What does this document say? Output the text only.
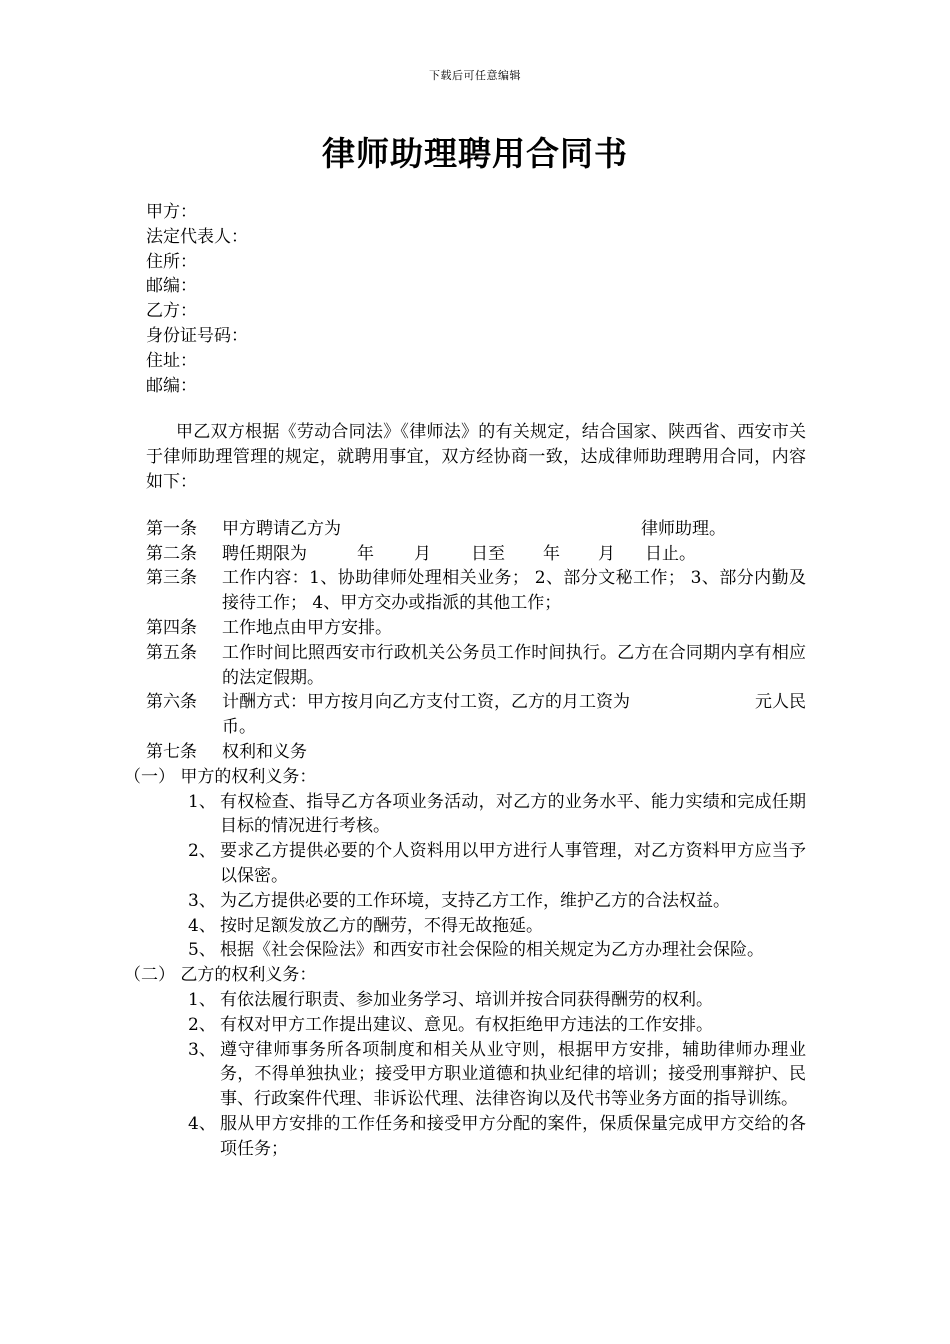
下载后可任意编辑
律师助理聘用合同书

甲方：

法定代表人：

住所：

邮编：

乙方：

身份证号码：

住址：

邮编：

甲乙双方根据《劳动合同法》《律师法》的有关规定，结合国家、陕西省、西安市关于律师助理管理的规定，就聘用事宜，双方经协商一致，达成律师助理聘用合同，内容如下：

第一条	甲方聘请乙方为	律师助理。
第二条	聘任期限为	年 月 日至 年 月 日止。
第三条	工作内容：1、协助律师处理相关业务； 2、部分文秘工作； 3、部分内勤及接待工作； 4、甲方交办或指派的其他工作；
第四条	工作地点由甲方安排。
第五条	工作时间比照西安市行政机关公务员工作时间执行。乙方在合同期内享有相应的法定假期。
第六条	计酬方式：甲方按月向乙方支付工资，乙方的月工资为	元人民
币。
第七条	权利和义务

（一） 甲方的权利义务：

1、 有权检查、指导乙方各项业务活动，对乙方的业务水平、能力实绩和完成任期目标的情况进行考核。
2、 要求乙方提供必要的个人资料用以甲方进行人事管理，对乙方资料甲方应当予以保密。
3、 为乙方提供必要的工作环境，支持乙方工作，维护乙方的合法权益。
4、 按时足额发放乙方的酬劳，不得无故拖延。
5、 根据《社会保险法》和西安市社会保险的相关规定为乙方办理社会保险。

（二） 乙方的权利义务：

1、 有依法履行职责、参加业务学习、培训并按合同获得酬劳的权利。
2、 有权对甲方工作提出建议、意见。有权拒绝甲方违法的工作安排。
3、 遵守律师事务所各项制度和相关从业守则，根据甲方安排，辅助律师办理业务，不得单独执业；接受甲方职业道德和执业纪律的培训；接受刑事辩护、民事、行政案件代理、非诉讼代理、法律咨询以及代书等业务方面的指导训练。
4、 服从甲方安排的工作任务和接受甲方分配的案件，保质保量完成甲方交给的各项任务；
